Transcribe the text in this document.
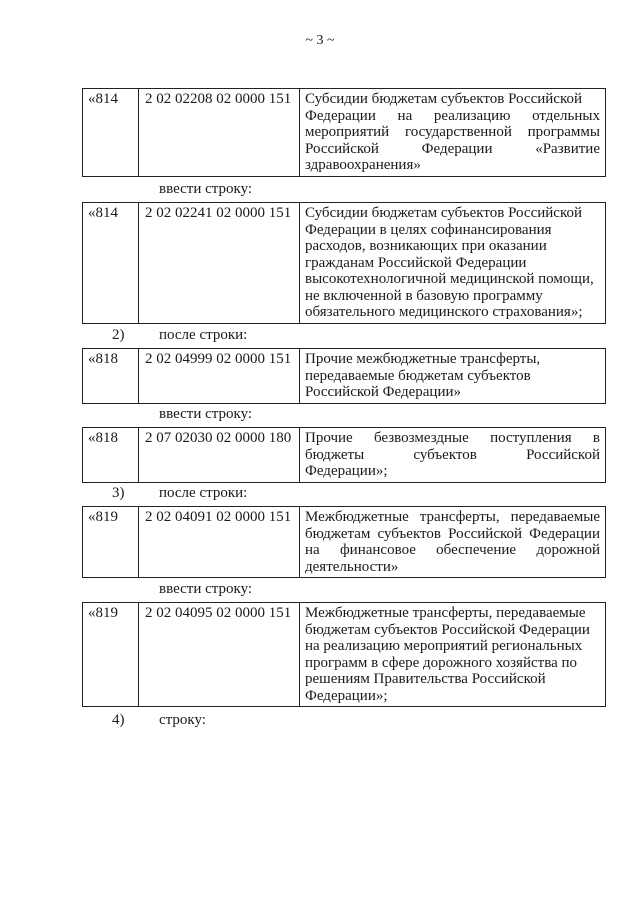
~ 3 ~
«814	2 02 02208 02 0000 151	Субсидии бюджетам субъектов Российской
Федерации на реализацию отдельных
мероприятий государственной программы
Российской Федерации «Развитие
здравоохранения»
ввести строку:
«814	2 02 02241 02 0000 151	Субсидии бюджетам субъектов Российской
Федерации в целях софинансирования
расходов, возникающих при оказании
гражданам Российской Федерации
высокотехнологичной медицинской помощи,
не включенной в базовую программу
обязательного медицинского страхования»;
2) после строки:
«818	2 02 04999 02 0000 151	Прочие межбюджетные трансферты,
передаваемые бюджетам субъектов
Российской Федерации»
ввести строку:
«818	2 07 02030 02 0000 180	Прочие безвозмездные поступления в
бюджеты субъектов Российской
Федерации»;
3) после строки:
«819	2 02 04091 02 0000 151	Межбюджетные трансферты, передаваемые
бюджетам субъектов Российской Федерации
на финансовое обеспечение дорожной
деятельности»
ввести строку:
«819	2 02 04095 02 0000 151	Межбюджетные трансферты, передаваемые
бюджетам субъектов Российской Федерации
на реализацию мероприятий региональных
программ в сфере дорожного хозяйства по
решениям Правительства Российской
Федерации»;
4) строку:
